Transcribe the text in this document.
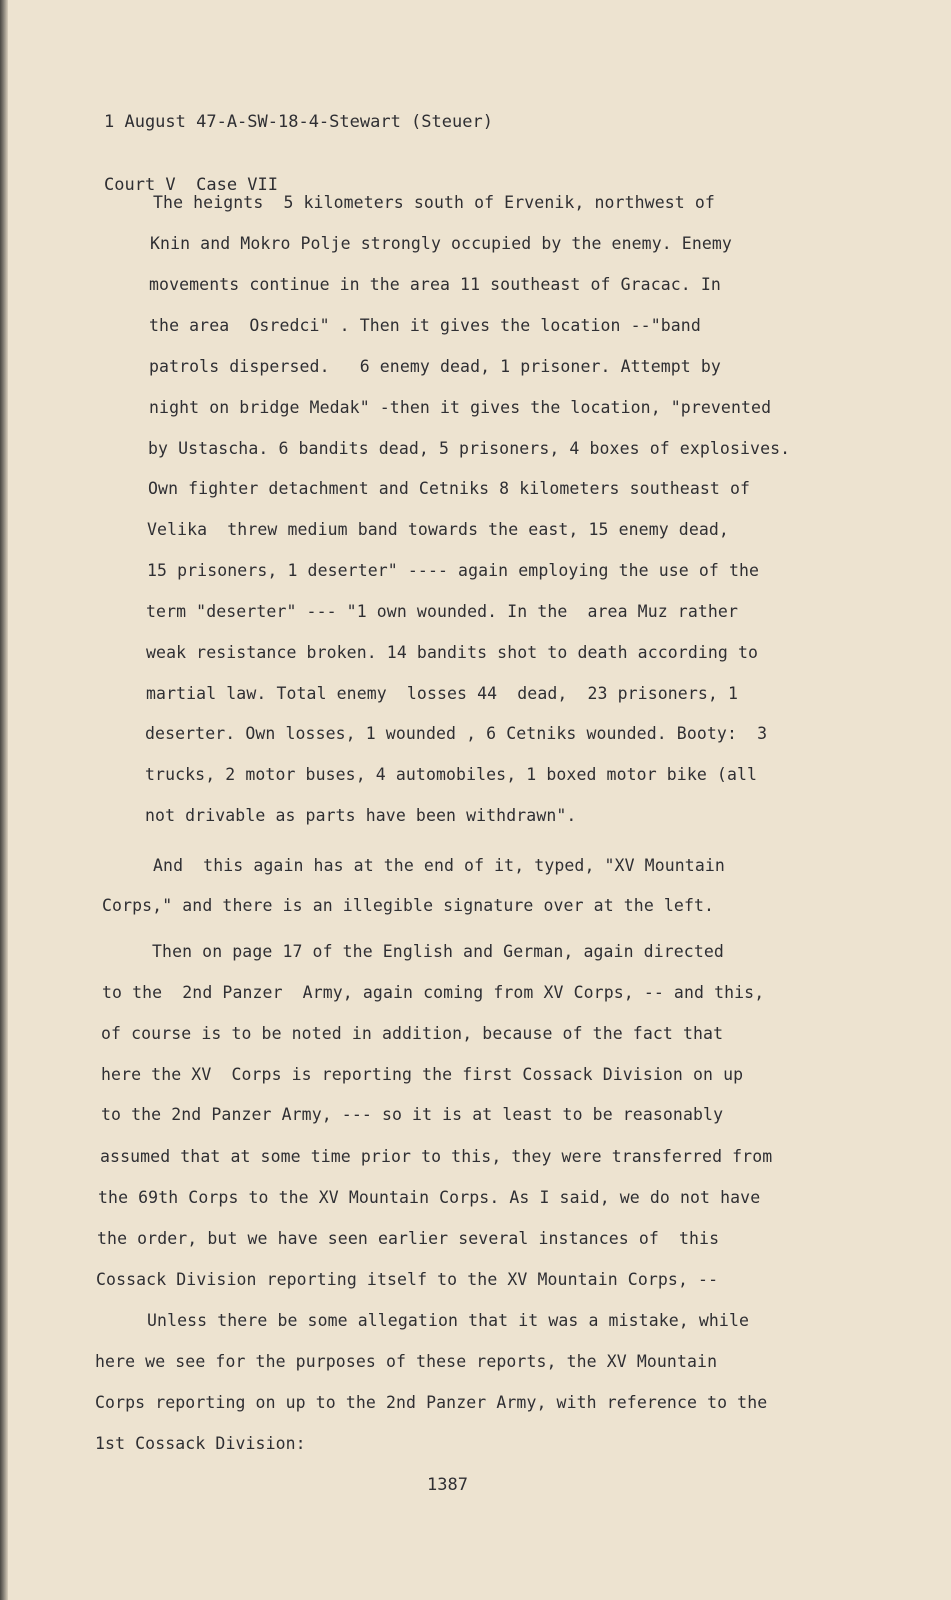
1 August 47-A-SW-18-4-Stewart (Steuer)

Court V  Case VII

The heignts  5 kilometers south of Ervenik, northwest of
Knin and Mokro Polje strongly occupied by the enemy. Enemy
movements continue in the area 11 southeast of Gracac. In
the area  Osredci" . Then it gives the location --"band
patrols dispersed.   6 enemy dead, 1 prisoner. Attempt by
night on bridge Medak" -then it gives the location, "prevented
by Ustascha. 6 bandits dead, 5 prisoners, 4 boxes of explosives.
Own fighter detachment and Cetniks 8 kilometers southeast of
Velika  threw medium band towards the east, 15 enemy dead,
15 prisoners, 1 deserter" ---- again employing the use of the
term "deserter" --- "1 own wounded. In the  area Muz rather
weak resistance broken. 14 bandits shot to death according to
martial law. Total enemy  losses 44  dead,  23 prisoners, 1
deserter. Own losses, 1 wounded , 6 Cetniks wounded. Booty:  3
trucks, 2 motor buses, 4 automobiles, 1 boxed motor bike (all
not drivable as parts have been withdrawn".
And  this again has at the end of it, typed, "XV Mountain
Corps," and there is an illegible signature over at the left.
Then on page 17 of the English and German, again directed
to the  2nd Panzer  Army, again coming from XV Corps, -- and this,
of course is to be noted in addition, because of the fact that
here the XV  Corps is reporting the first Cossack Division on up
to the 2nd Panzer Army, --- so it is at least to be reasonably
assumed that at some time prior to this, they were transferred from
the 69th Corps to the XV Mountain Corps. As I said, we do not have
the order, but we have seen earlier several instances of  this
Cossack Division reporting itself to the XV Mountain Corps, --
Unless there be some allegation that it was a mistake, while
here we see for the purposes of these reports, the XV Mountain
Corps reporting on up to the 2nd Panzer Army, with reference to the
1st Cossack Division:
1387
